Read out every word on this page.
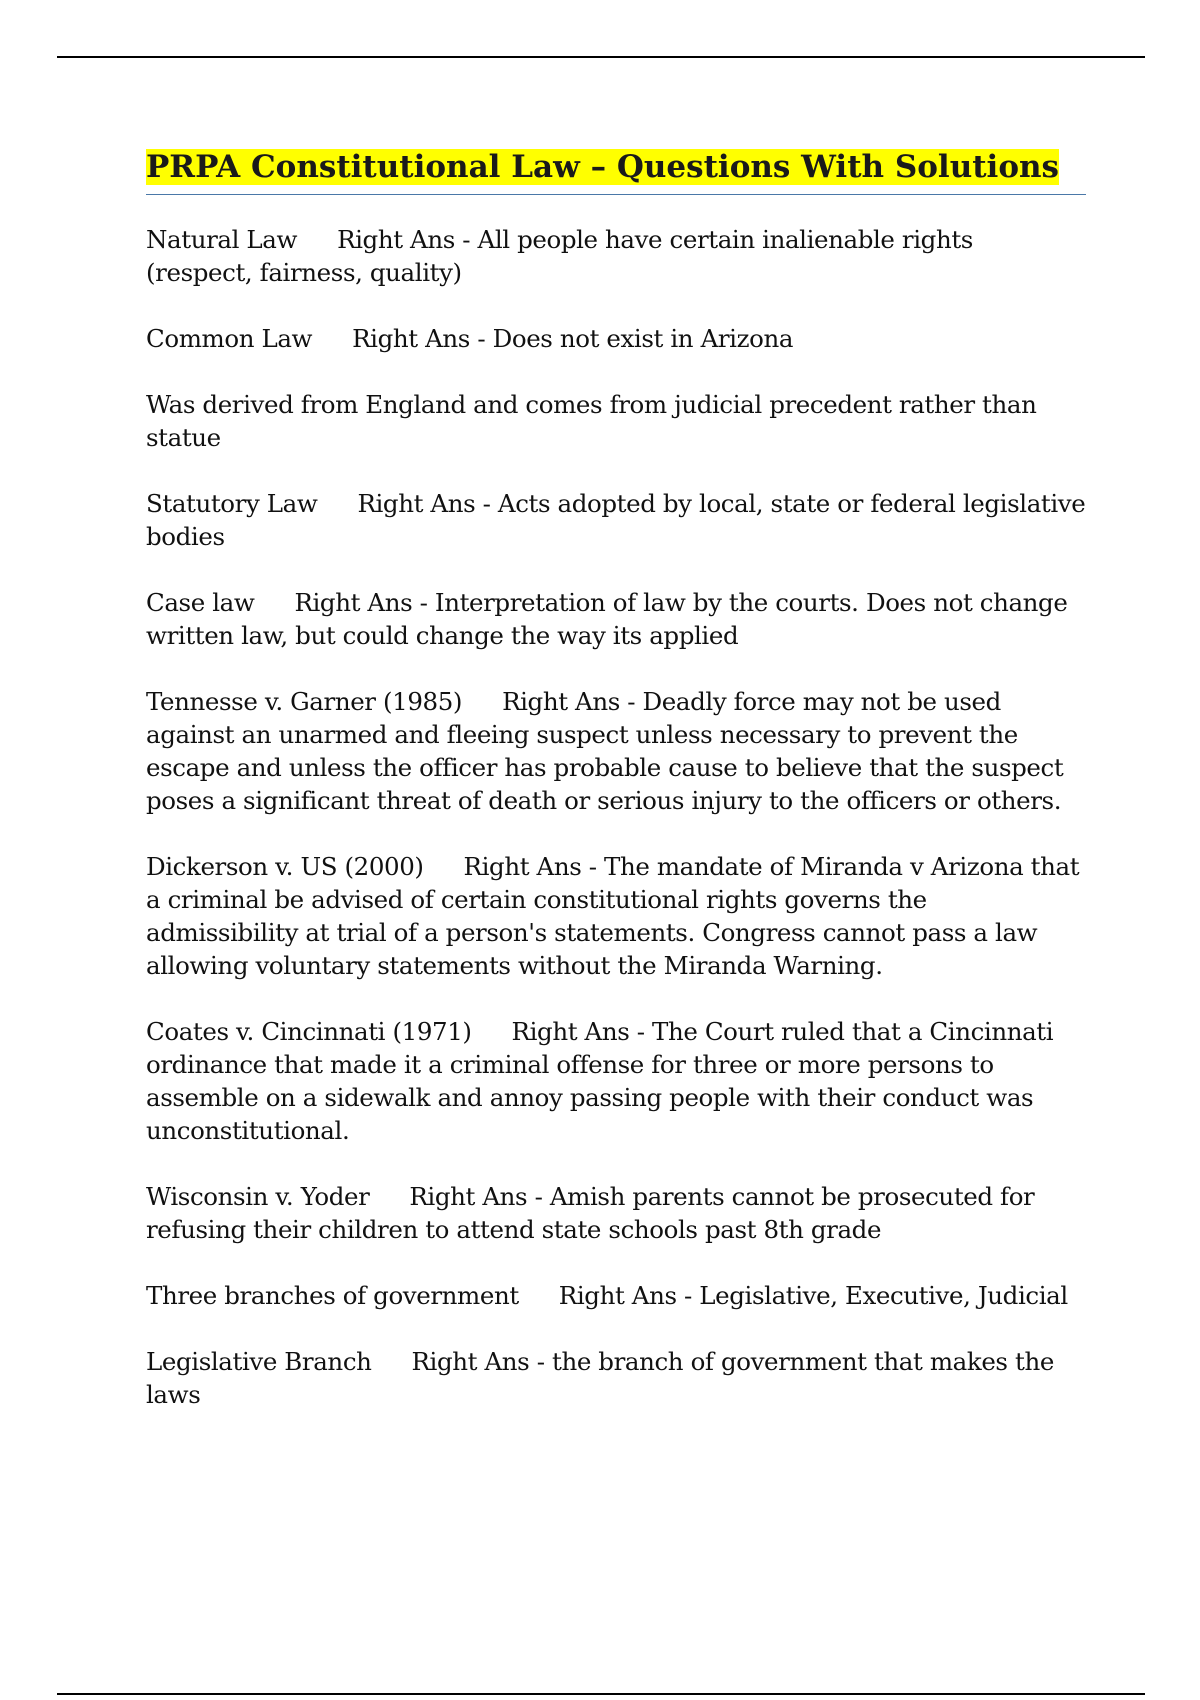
PRPA Constitutional Law – Questions With Solutions
Natural Law Right Ans - All people have certain inalienable rights (respect, fairness, quality)
Common Law Right Ans - Does not exist in Arizona
Was derived from England and comes from judicial precedent rather than statue
Statutory Law Right Ans - Acts adopted by local, state or federal legislative bodies
Case law Right Ans - Interpretation of law by the courts. Does not change written law, but could change the way its applied
Tennesse v. Garner (1985) Right Ans - Deadly force may not be used against an unarmed and fleeing suspect unless necessary to prevent the escape and unless the officer has probable cause to believe that the suspect poses a significant threat of death or serious injury to the officers or others.
Dickerson v. US (2000) Right Ans - The mandate of Miranda v Arizona that a criminal be advised of certain constitutional rights governs the admissibility at trial of a person's statements. Congress cannot pass a law allowing voluntary statements without the Miranda Warning.
Coates v. Cincinnati (1971) Right Ans - The Court ruled that a Cincinnati ordinance that made it a criminal offense for three or more persons to assemble on a sidewalk and annoy passing people with their conduct was unconstitutional.
Wisconsin v. Yoder Right Ans - Amish parents cannot be prosecuted for refusing their children to attend state schools past 8th grade
Three branches of government Right Ans - Legislative, Executive, Judicial
Legislative Branch Right Ans - the branch of government that makes the laws
